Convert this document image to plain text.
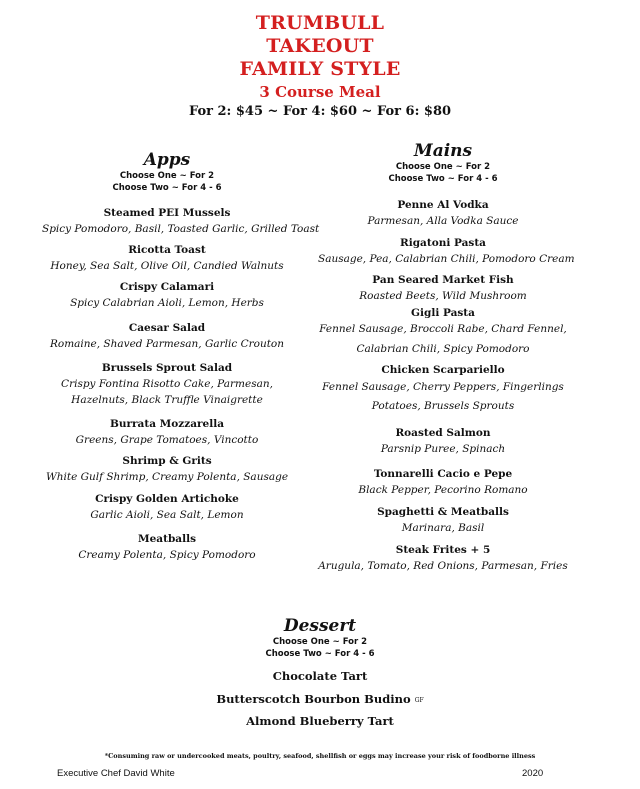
TRUMBULL
TAKEOUT
FAMILY STYLE
3 Course Meal
For 2: $45 ~ For 4: $60 ~ For 6: $80
Apps
Choose One ~ For 2
Choose Two ~ For 4 - 6
Steamed PEI Mussels
Spicy Pomodoro, Basil, Toasted Garlic, Grilled Toast
Ricotta Toast
Honey, Sea Salt, Olive Oil, Candied Walnuts
Crispy Calamari
Spicy Calabrian Aioli, Lemon, Herbs
Caesar Salad
Romaine, Shaved Parmesan, Garlic Crouton
Brussels Sprout Salad
Crispy Fontina Risotto Cake, Parmesan,
Hazelnuts, Black Truffle Vinaigrette
Burrata Mozzarella
Greens, Grape Tomatoes, Vincotto
Shrimp & Grits
White Gulf Shrimp, Creamy Polenta, Sausage
Crispy Golden Artichoke
Garlic Aioli, Sea Salt, Lemon
Meatballs
Creamy Polenta, Spicy Pomodoro
Mains
Choose One ~ For 2
Choose Two ~ For 4 - 6
Penne Al Vodka
Parmesan, Alla Vodka Sauce
Rigatoni Pasta
Sausage, Pea, Calabrian Chili, Pomodoro Cream
Pan Seared Market Fish
Roasted Beets, Wild Mushroom
Gigli Pasta
Fennel Sausage, Broccoli Rabe, Chard Fennel,
Calabrian Chili, Spicy Pomodoro
Chicken Scarpariello
Fennel Sausage, Cherry Peppers, Fingerlings
Potatoes, Brussels Sprouts
Roasted Salmon
Parsnip Puree, Spinach
Tonnarelli Cacio e Pepe
Black Pepper, Pecorino Romano
Spaghetti & Meatballs
Marinara, Basil
Steak Frites + 5
Arugula, Tomato, Red Onions, Parmesan, Fries
Dessert
Choose One ~ For 2
Choose Two ~ For 4 - 6
Chocolate Tart
Butterscotch Bourbon Budino GF
Almond Blueberry Tart
*Consuming raw or undercooked meats, poultry, seafood, shellfish or eggs may increase your risk of foodborne illness
Executive Chef David White	2020
